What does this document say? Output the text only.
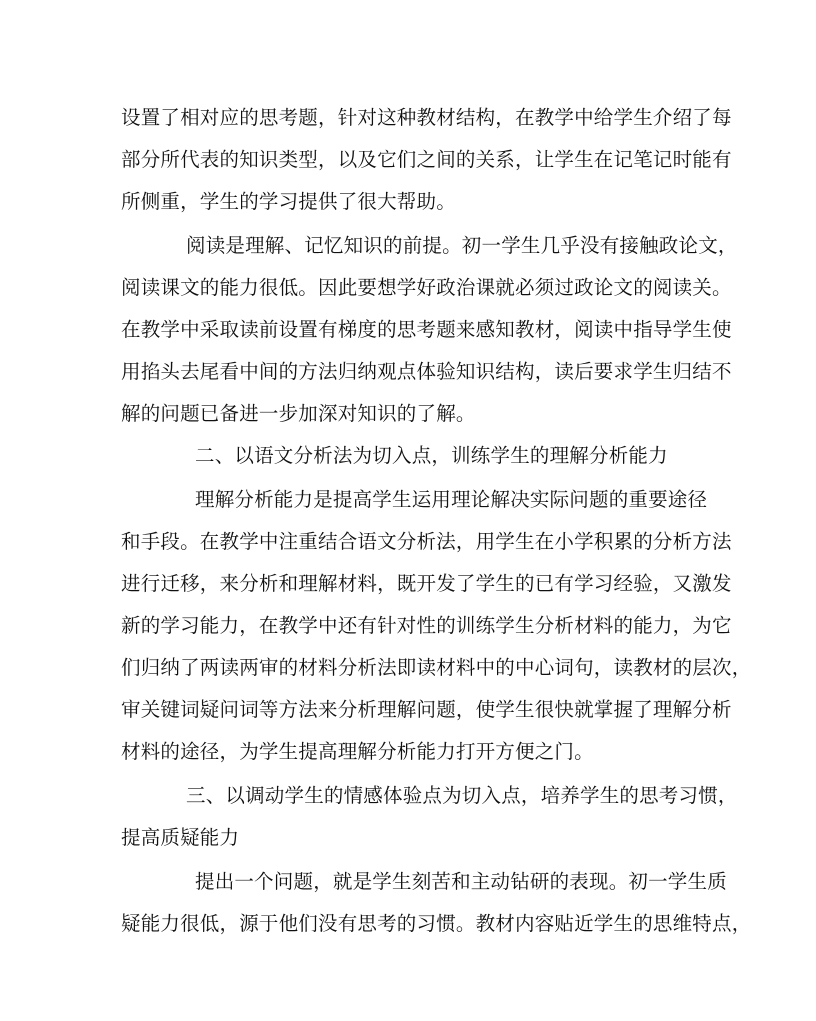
设置了相对应的思考题，针对这种教材结构，在教学中给学生介绍了每
部分所代表的知识类型，以及它们之间的关系，让学生在记笔记时能有
所侧重，学生的学习提供了很大帮助。
阅读是理解、记忆知识的前提。初一学生几乎没有接触政论文，
阅读课文的能力很低。因此要想学好政治课就必须过政论文的阅读关。
在教学中采取读前设置有梯度的思考题来感知教材，阅读中指导学生使
用掐头去尾看中间的方法归纳观点体验知识结构，读后要求学生归结不
解的问题已备进一步加深对知识的了解。
二、以语文分析法为切入点，训练学生的理解分析能力
理解分析能力是提高学生运用理论解决实际问题的重要途径
和手段。在教学中注重结合语文分析法，用学生在小学积累的分析方法
进行迁移，来分析和理解材料，既开发了学生的已有学习经验，又激发
新的学习能力，在教学中还有针对性的训练学生分析材料的能力，为它
们归纳了两读两审的材料分析法即读材料中的中心词句，读教材的层次，
审关键词疑问词等方法来分析理解问题，使学生很快就掌握了理解分析
材料的途径，为学生提高理解分析能力打开方便之门。
三、以调动学生的情感体验点为切入点，培养学生的思考习惯，
提高质疑能力
提出一个问题，就是学生刻苦和主动钻研的表现。初一学生质
疑能力很低，源于他们没有思考的习惯。教材内容贴近学生的思维特点，
